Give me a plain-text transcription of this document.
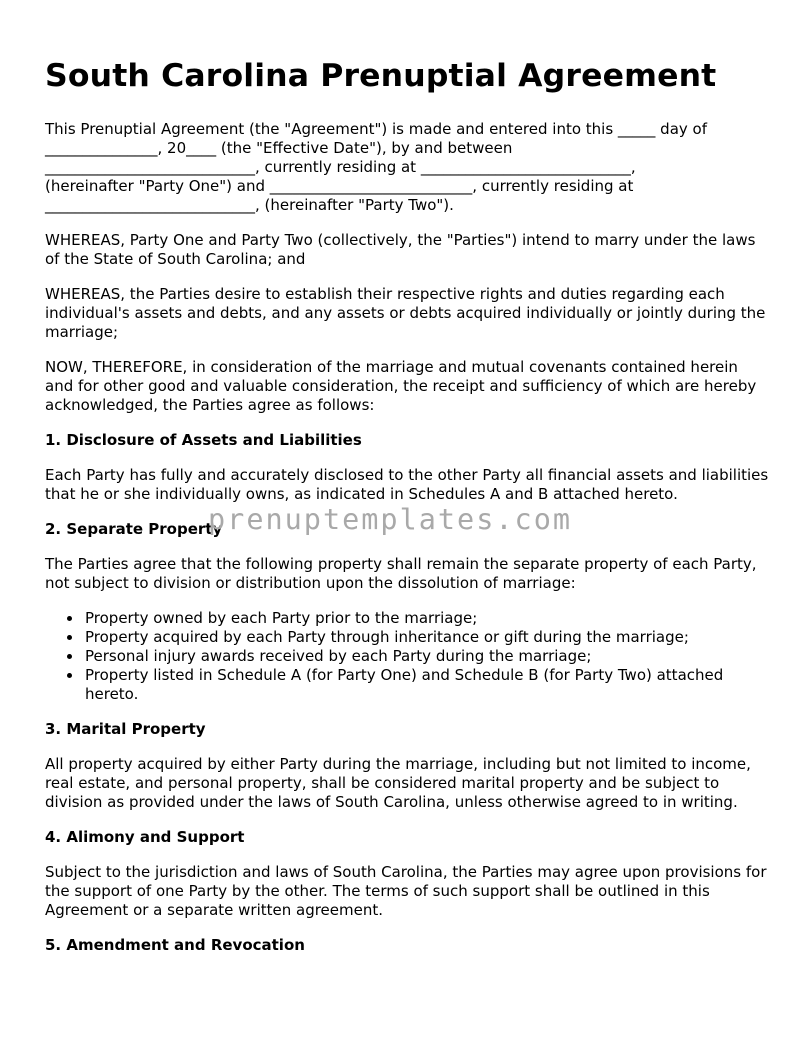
South Carolina Prenuptial Agreement

This Prenuptial Agreement (the "Agreement") is made and entered into this _____ day of
_______________, 20____ (the "Effective Date"), by and between
____________________________, currently residing at ____________________________,
(hereinafter "Party One") and ___________________________, currently residing at
____________________________, (hereinafter "Party Two").

WHEREAS, Party One and Party Two (collectively, the "Parties") intend to marry under the laws of the State of South Carolina; and

WHEREAS, the Parties desire to establish their respective rights and duties regarding each individual's assets and debts, and any assets or debts acquired individually or jointly during the marriage;

NOW, THEREFORE, in consideration of the marriage and mutual covenants contained herein and for other good and valuable consideration, the receipt and sufficiency of which are hereby acknowledged, the Parties agree as follows:

1. Disclosure of Assets and Liabilities

Each Party has fully and accurately disclosed to the other Party all financial assets and liabilities that he or she individually owns, as indicated in Schedules A and B attached hereto.

2. Separate Property

The Parties agree that the following property shall remain the separate property of each Party, not subject to division or distribution upon the dissolution of marriage:

• Property owned by each Party prior to the marriage;
• Property acquired by each Party through inheritance or gift during the marriage;
• Personal injury awards received by each Party during the marriage;
• Property listed in Schedule A (for Party One) and Schedule B (for Party Two) attached hereto.
3. Marital Property

All property acquired by either Party during the marriage, including but not limited to income, real estate, and personal property, shall be considered marital property and be subject to division as provided under the laws of South Carolina, unless otherwise agreed to in writing.

4. Alimony and Support

Subject to the jurisdiction and laws of South Carolina, the Parties may agree upon provisions for the support of one Party by the other. The terms of such support shall be outlined in this Agreement or a separate written agreement.

5. Amendment and Revocation
prenuptemplates.com
